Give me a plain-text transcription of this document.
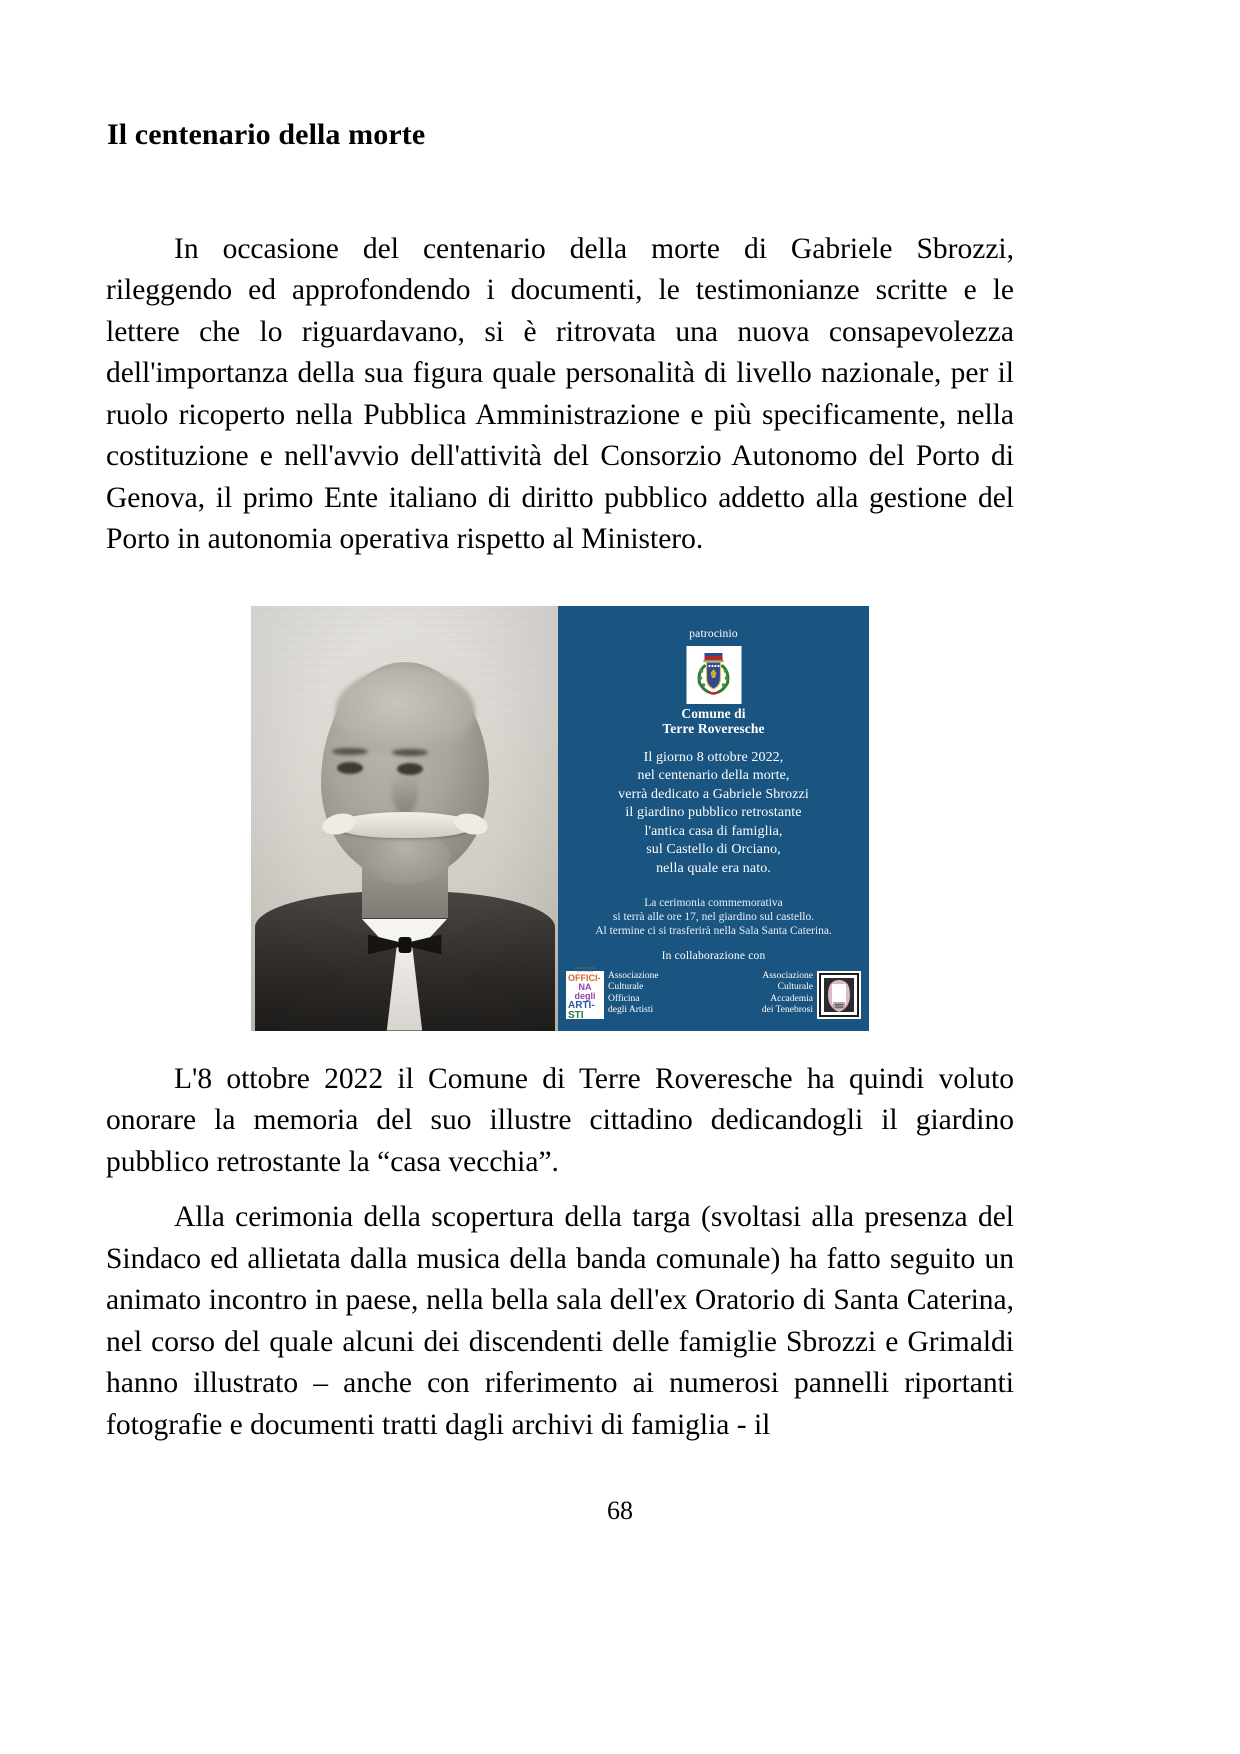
Il centenario della morte

In occasione del centenario della morte di Gabriele Sbrozzi, rileggendo ed approfondendo i documenti, le testimonianze scritte e le lettere che lo riguardavano, si è ritrovata una nuova consapevolezza dell'importanza della sua figura quale personalità di livello nazionale, per il ruolo ricoperto nella Pubblica Amministrazione e più specificamente, nella costituzione e nell'avvio dell'attività del Consorzio Autonomo del Porto di Genova, il primo Ente italiano di diritto pubblico addetto alla gestione del Porto in autonomia operativa rispetto al Ministero.

patrocinio
Comune di
Terre Roveresche
Il giorno 8 ottobre 2022,
nel centenario della morte,
verrà dedicato a Gabriele Sbrozzi
il giardino pubblico retrostante
l'antica casa di famiglia,
sul Castello di Orciano,
nella quale era nato.
La cerimonia commemorativa
si terrà alle ore 17, nel giardino sul castello.
Al termine ci si trasferirà nella Sala Santa Caterina.
In collaborazione con
ASSOCIAZIONE CULTURALE
OFFICI-
NA degli
ARTI-
STI
Associazione
Culturale
Officina
degli Artisti
Associazione
Culturale
Accademia
dei Tenebrosi

L'8 ottobre 2022 il Comune di Terre Roveresche ha quindi voluto onorare la memoria del suo illustre cittadino dedicandogli il giardino pubblico retrostante la “casa vecchia”.

Alla cerimonia della scopertura della targa (svoltasi alla presenza del Sindaco ed allietata dalla musica della banda comunale) ha fatto seguito un animato incontro in paese, nella bella sala dell'ex Oratorio di Santa Caterina, nel corso del quale alcuni dei discendenti delle famiglie Sbrozzi e Grimaldi hanno illustrato – anche con riferimento ai numerosi pannelli riportanti fotografie e documenti tratti dagli archivi di famiglia - il

68
